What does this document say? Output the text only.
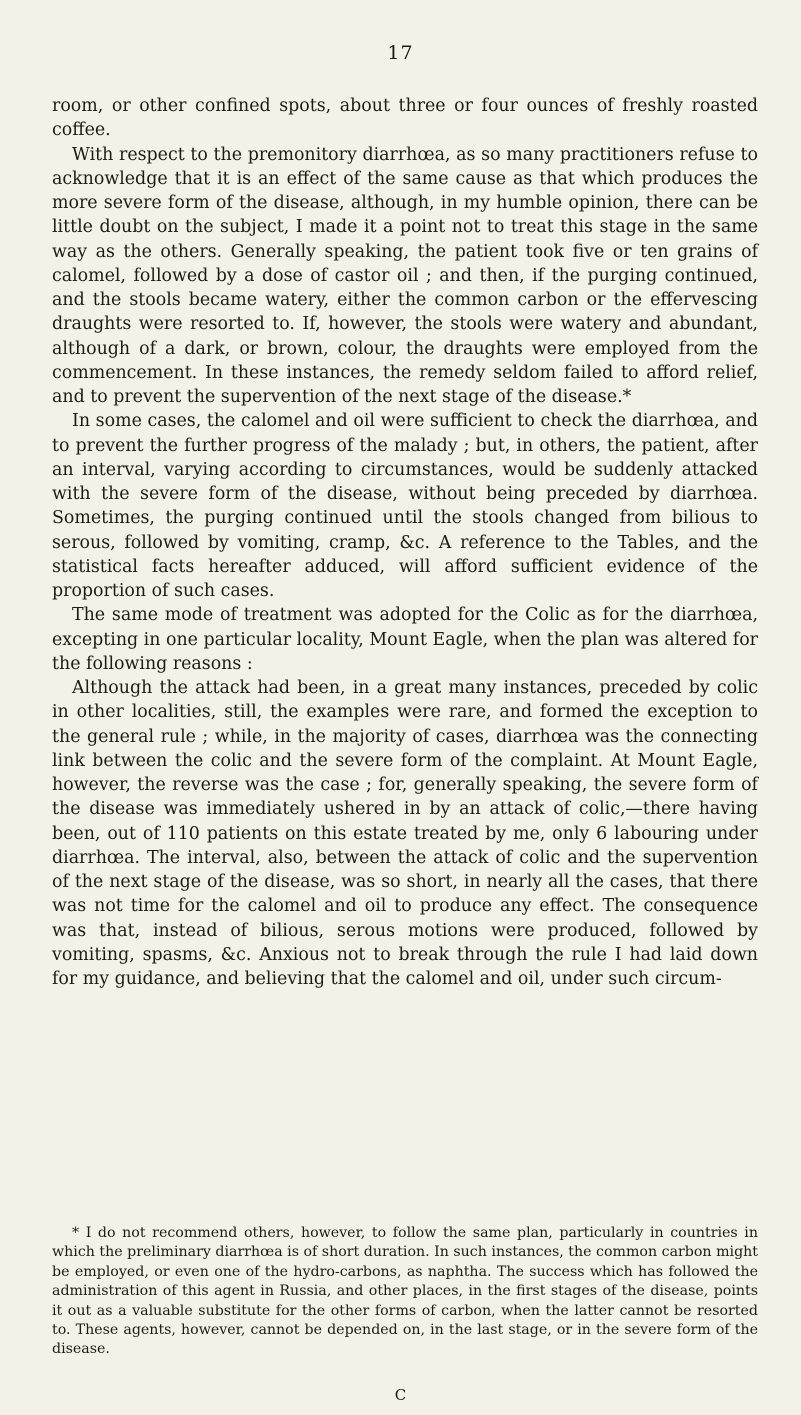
17

room, or other confined spots, about three or four ounces of freshly roasted coffee.

With respect to the premonitory diarrhœa, as so many practitioners refuse to acknowledge that it is an effect of the same cause as that which produces the more severe form of the disease, although, in my humble opinion, there can be little doubt on the subject, I made it a point not to treat this stage in the same way as the others. Generally speaking, the patient took five or ten grains of calomel, followed by a dose of castor oil ; and then, if the purging continued, and the stools became watery, either the common carbon or the effervescing draughts were resorted to. If, however, the stools were watery and abundant, although of a dark, or brown, colour, the draughts were employed from the commencement. In these instances, the remedy seldom failed to afford relief, and to prevent the supervention of the next stage of the disease.*

In some cases, the calomel and oil were sufficient to check the diarrhœa, and to prevent the further progress of the malady ; but, in others, the patient, after an interval, varying according to circumstances, would be suddenly attacked with the severe form of the disease, without being preceded by diarrhœa. Sometimes, the purging continued until the stools changed from bilious to serous, followed by vomiting, cramp, &c. A reference to the Tables, and the statistical facts hereafter adduced, will afford sufficient evidence of the proportion of such cases.

The same mode of treatment was adopted for the Colic as for the diarrhœa, excepting in one particular locality, Mount Eagle, when the plan was altered for the following reasons :

Although the attack had been, in a great many instances, preceded by colic in other localities, still, the examples were rare, and formed the exception to the general rule ; while, in the majority of cases, diarrhœa was the connecting link between the colic and the severe form of the complaint. At Mount Eagle, however, the reverse was the case ; for, generally speaking, the severe form of the disease was immediately ushered in by an attack of colic,—there having been, out of 110 patients on this estate treated by me, only 6 labouring under diarrhœa. The interval, also, between the attack of colic and the supervention of the next stage of the disease, was so short, in nearly all the cases, that there was not time for the calomel and oil to produce any effect. The consequence was that, instead of bilious, serous motions were produced, followed by vomiting, spasms, &c. Anxious not to break through the rule I had laid down for my guidance, and believing that the calomel and oil, under such circum-

* I do not recommend others, however, to follow the same plan, particularly in countries in which the preliminary diarrhœa is of short duration. In such instances, the common carbon might be employed, or even one of the hydro-carbons, as naphtha. The success which has followed the administration of this agent in Russia, and other places, in the first stages of the disease, points it out as a valuable substitute for the other forms of carbon, when the latter cannot be resorted to. These agents, however, cannot be depended on, in the last stage, or in the severe form of the disease.

C
